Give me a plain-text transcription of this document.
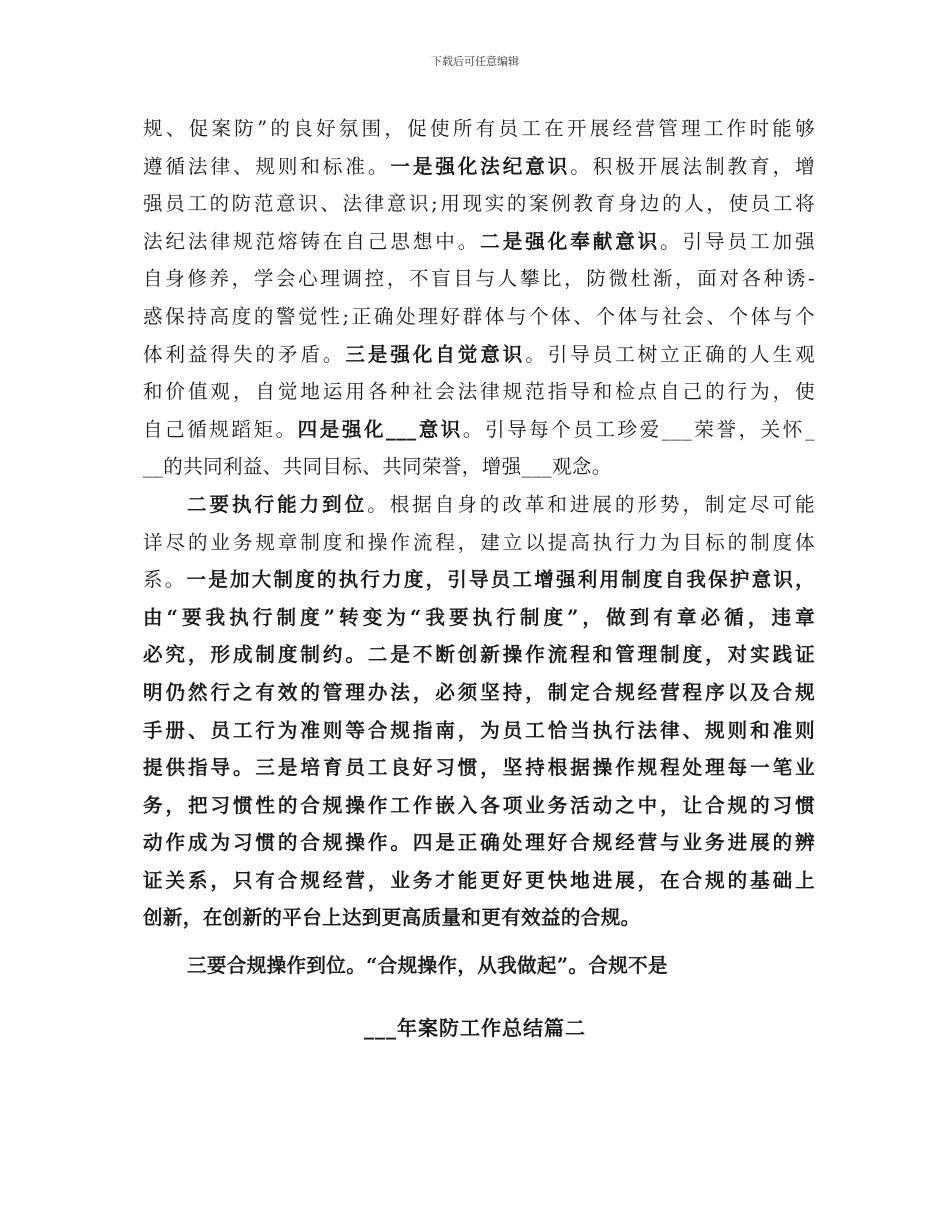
下载后可任意编辑
规、促案防”的良好氛围，促使所有员工在开展经营管理工作时能够
遵循法律、规则和标准。一是强化法纪意识。积极开展法制教育，增
强员工的防范意识、法律意识;用现实的案例教育身边的人，使员工将
法纪法律规范熔铸在自己思想中。二是强化奉献意识。引导员工加强
自身修养，学会心理调控，不盲目与人攀比，防微杜渐，面对各种诱-
惑保持高度的警觉性;正确处理好群体与个体、个体与社会、个体与个
体利益得失的矛盾。三是强化自觉意识。引导员工树立正确的人生观
和价值观，自觉地运用各种社会法律规范指导和检点自己的行为，使
自己循规蹈矩。四是强化___意识。引导每个员工珍爱___荣誉，关怀_
__的共同利益、共同目标、共同荣誉，增强___观念。
二要执行能力到位。根据自身的改革和进展的形势，制定尽可能
详尽的业务规章制度和操作流程，建立以提高执行力为目标的制度体
系。一是加大制度的执行力度，引导员工增强利用制度自我保护意识，
由“要我执行制度”转变为“我要执行制度”，做到有章必循，违章
必究，形成制度制约。二是不断创新操作流程和管理制度，对实践证
明仍然行之有效的管理办法，必须坚持，制定合规经营程序以及合规
手册、员工行为准则等合规指南，为员工恰当执行法律、规则和准则
提供指导。三是培育员工良好习惯，坚持根据操作规程处理每一笔业
务，把习惯性的合规操作工作嵌入各项业务活动之中，让合规的习惯
动作成为习惯的合规操作。四是正确处理好合规经营与业务进展的辨
证关系，只有合规经营，业务才能更好更快地进展，在合规的基础上
创新，在创新的平台上达到更高质量和更有效益的合规。
三要合规操作到位。“合规操作，从我做起”。合规不是
___年案防工作总结篇二
